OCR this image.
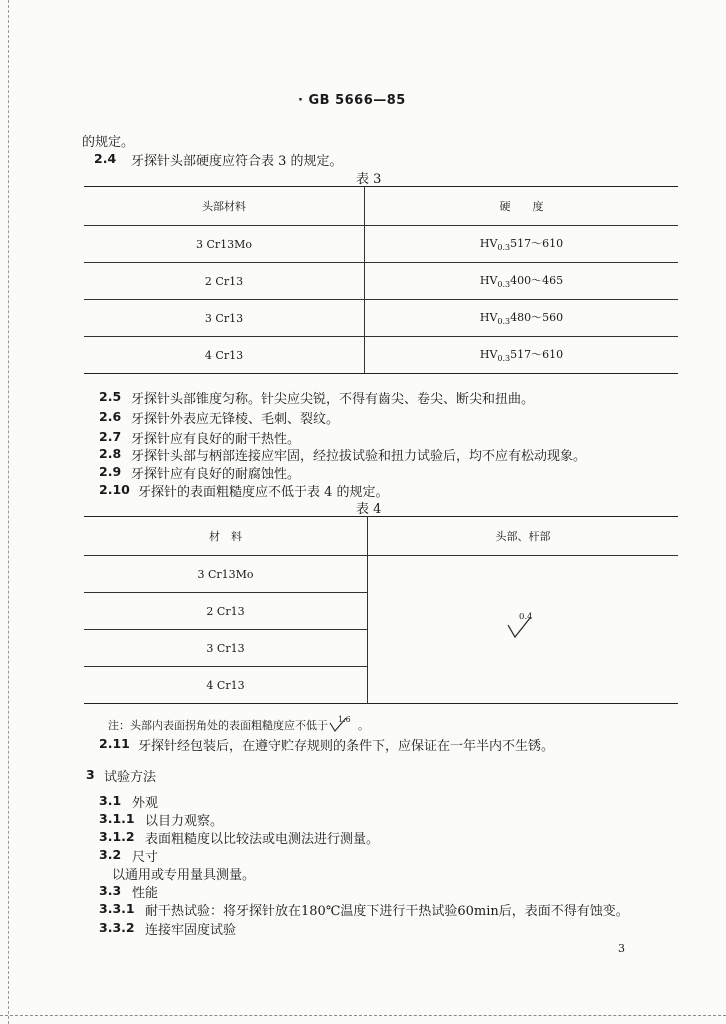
· GB 5666—85
的规定。
2.4 牙探针头部硬度应符合表 3 的规定。
表 3
头部材料	硬　　度
3 Cr13Mo	$HV_{0.3}517\sim 610$
2 Cr13	$HV_{0.3}400\sim 465$
3 Cr13	$HV_{0.3}480\sim 560$
4 Cr13	$HV_{0.3}517\sim 610$
2.5 牙探针头部锥度匀称。针尖应尖锐，不得有齒尖、卷尖、断尖和扭曲。
2.6 牙探针外表应无锋棱、毛刺、裂纹。
2.7 牙探针应有良好的耐干热性。
2.8 牙探针头部与柄部连接应牢固，经拉拔试验和扭力试验后，均不应有松动现象。
2.9 牙探针应有良好的耐腐蚀性。
2.10 牙探针的表面粗糙度应不低于表 4 的规定。
表 4
材　料	头部、杆部
3 Cr13Mo	0.4

2 Cr13	
3 Cr13	
4 Cr13	
注：头部内表面拐角处的表面粗糙度应不低于 1.6 。
2.11 牙探针经包装后，在遵守贮存规则的条件下，应保证在一年半内不生锈。
3 试验方法
3.1 外观
3.1.1 以目力观察。
3.1.2 表面粗糙度以比较法或电测法进行测量。
3.2 尺寸
以通用或专用量具测量。
3.3 性能
3.3.1 耐干热试验：将牙探针放在180℃温度下进行干热试验60min后，表面不得有蚀变。
3.3.2 连接牢固度试验
3
